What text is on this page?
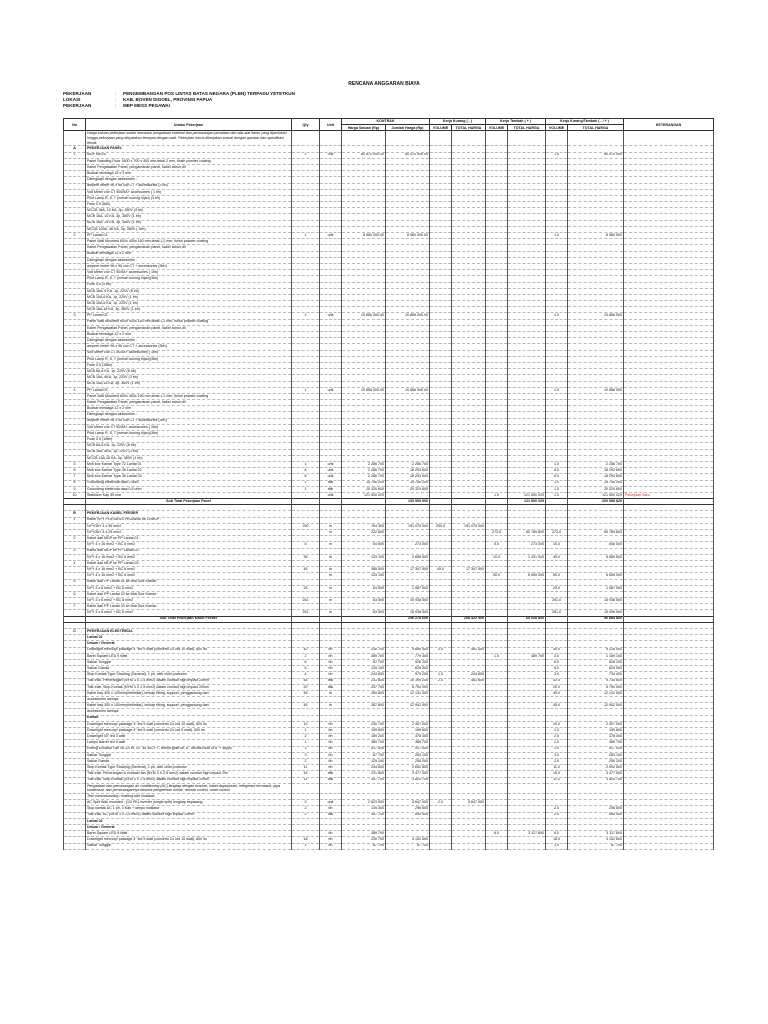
RENCANA ANGGARAN BIAYA
PEKERJAAN	:	PENGEMBANGAN POS LINTAS BATAS NEGARA (PLBN) TERPADU YETETKUN
LOKASI	:	KAB. BOVEN DIGOEL, PROVINSI PAPUA
PEKERJAAN	:	MEP MESS PEGAWAI
No	Uraian Pekerjaan	Qty	Unit	KONTRAK		Kerja Kurang ( - )		Kerja Tambah ( + )		Kerja Kurang/Tambah ( - / + )		KETERANGAN
				Harga Satuan (Rp)	Jumlah Harga (Rp)	VOLUME	TOTAL HARGA	VOLUME	TOTAL HARGA	VOLUME	TOTAL HARGA	

	Harga satuan pekerjaan sudah termasuk pengadaan material dan pemasangan peralatan dan alat-alat bantu yang diperlukan hingga pekerjaan yang dinyatakan tersepai dengan baik. Pekerjaan harus dikerjakan sesuai dengan gambar dan spesifikasi teknik.											
A	PEKERJAAN PANEL											
1	MDP MESS	1	unit	60 570 000.00	60 570 000.00					1.0	60 570 000	
	Panel Standing Floor 1800 x 700 x 400 mm,tebal 2 mm, finish powder coating											
	Kabel Pengawatan Panel, pengamanan panel, kabel schun,dll											
	Busbar tembaga 15 x 3 mm											
	Dilengkapi dengan aksesories :											
	ampere meter 96 x 96 c/w CT + accessories (3 bh)											
	Volt Meter c/w CT 400/5A+ accessories ( 1 bh)											
	Pilot Lamp R, S, T (merah kuning hijau) (3 bh)											
	Fuse 0.5 (6bh)											
	MCCB 3kA, 10 KA, 3p, 380V (3 bh)											
	MCB 16A, 10 KA, 3p, 380V (1 bh)											
	MCB 16A, 25 KA, 3p, 380V (1 bh)											
	MCCB 100A, 36 KA, 3p, 380V ( 1bh)											
2	PP Lantai 01	1	unit	8 560 000.00	8 560 000.00					1.0	8 560 000	
	Panel Wall Mounted 600x 400x 150 mm,tebal 1,2 mm, finish powder coating											
	Kabel Pengawatan Panel, pengamanan panel, kabel schun,dll											
	Busbar tembaga 12 x 2 mm											
	Dilengkapi dengan aksesories :											
	ampere meter 96 x 96 c/w CT + accessories (3bh)											
	Volt Meter c/w CT 50/5A+ accessories ( 1bh)											
	Pilot Lamp R, S, T (merah kuning hijau)(3bh)											
	Fuse 0.5 (3 bh)											
	MCB 16A, 6 KA, 1p, 220V (8 bh)											
	MCB 10A,6 KA, 1p, 220V (1 bh)											
	MCB 16A,6 KA, 1p, 220V (1 bh)											
	MCB 16A,18 KA, 3p, 380V (1 bh)											
3	PP Lantai 02	1	unit	10 866 000.00	10 866 000.00					1.0	10 866 000	
	Panel Wall Mounted 600x 400x 150 mm,tebal 1,2 mm, finish powder coating											
	Kabel Pengawatan Panel, pengamanan panel, kabel schun,dll											
	Busbar tembaga 12 x 2 mm											
	Dilengkapi dengan aksesories :											
	ampere meter 96 x 96 c/w CT + accessories (3bh)											
	Volt Meter c/w CT 50/5A+ accessories ( 1bh)											
	Pilot Lamp R, S, T (merah kuning hijau)(3bh)											
	Fuse 0.5 (15bh)											
	MCB 6A,6 KA, 1p, 220V (8 bh)											
	MCB 16A, 6KA, 1p, 220V (3 bh)											
	MCB 16A,18 KA, 3p, 380V (1 bh)											
4	PP Lantai 03	1	unit	10 866 000.00	10 866 000.00					1.0	10 866 000	
	Panel Wall Mounted 600x 400x 150 mm,tebal 1,2 mm, finish powder coating											
	Kabel Pengawatan Panel, pengamanan panel, kabel schun,dll											
	Busbar tembaga 12 x 2 mm											
	Dilengkapi dengan aksesories :											
	ampere meter 96 x 96 c/w CT + accessories (3bh)											
	Volt Meter c/w CT 50/5A+ accessories ( 1bh)											
	Pilot Lamp R, S, T (merah kuning hijau)(3bh)											
	Fuse 0.5 (15bh)											
	MCB 6A,6 KA, 1p, 220V (8 bh)											
	MCB 16A, 6KA, 1p, 220V (3 bh)											
	MCCB 16A,18 KA, 3p, 380V (1 bh)											
5	Mcb box Kamar Type 72 Lantai 01	1	unit	2 286 700	2 286 700	-	-			1.0	2 286 700	
6	Mcb box Kamar Type 36 Lantai 02	8	unit	2 286 700	18 293 600	-	-			8.0	18 293 600	
7	Mcb box Kamar Type 36 Lantai 03	8	unit	2 286 700	18 293 600	-	-			8.0	18 293 600	
8	Grounding elektroda rasa 2 ohm	1	titik	15 706 200	15 706 200	-	-			1.0	15 706 200	
9	Grounding elektroda rasa 0.5 ohm	1	titik	20 320 600	20 320 600	-	-			1.0	20 320 600	
10	Stabilizer Kap 50 kva	-	unit	121 500 029	-	-	-	1.0	121 500 029	1.0	121 500 029	Pekerjaan Baru
	Sub Total Pekerjaan Panel				130 900 900				121 500 029		260 988 829	

B	PEKERJAAN KABEL FEEDER											
1	Kabel NYY PLN MESS PEGAWAI ke LVMDP :											
	NYYGbY 4 x 95 mm2	250	m	764 300	191 075 000	250.0	191 075 000				-	
	NYYGbY 4 x 25 mm2		m	222 600	-			273.0	60 769 800	273.0	60 769 800	
2	Kabel dari MDP ke PP Lantai 01 :											
	NYY 4 x 16 mm2 + BC 6 mm2	5	m	54 600	273 000			5.0	273 000	10.0	546 000	
3	Kabel dari MDP ke PP Lantai 02 :											
	NYY 4 x 16 mm2 + BC 6 mm2	35	m	133 100	4 658 500			10.0	1 331 000	45.0	5 989 500	
4	Kabel dari MDP ke PP Lantai 03 :											
	NYY 4 x 16 mm2 + BC 6 mm2	45	m	385 500	17 347 500	45.0	17 347 500				-	
	NYY 4 x 16 mm2 + BC 6 mm2		m	133 100	-			50.0	6 655 000	50.0	6 655 000	
5	Kabel dari PP Lantai 01 ke Mcb Box Kamar :											
	NYY 3 x 6 mm2 + BC 6 mm2	25	m	63 500	1 587 500					25.0	1 587 500	
6	Kabel dari PP Lantai 02 ke Mcb Box Kamar :											
	NYY 3 x 6 mm2 + BC 6 mm2	251	m	63 500	15 938 500					251.0	15 938 500	
7	Kabel dari PP Lantai 03 ke Mcb Box Kamar :											
	NYY 3 x 6 mm2 + BC 6 mm2	251	m	63 500	15 938 500					251.0	15 938 500	
	Sub Total Pekerjaan Kabel Feeder				246 278 600		208 422 500		69 028 800		96 884 800	

C	PEKERJAAN ELEKTRIKAL											
	Lantai 01											
	Umum / General											
	Downlight mercury/ package 4" led 9 watt (converto DL led 10 watt), 800 lm	42	bh	230 700	9 689 400	2.0	461 400			40.0	9 228 000	
	Baret Square LED 9 Watt	2	bh	389 700	779 400			1.0	389 700	3.0	1 169 100	
	Saklar Tunggal	6	bh	87 700	526 200					6.0	526 200	
	Saklar Ganda	5	bh	125 100	625 500					5.0	625 500	
	Stop Kontak Type Strading (General), 1 ph, with child protector	4	bh	244 800	979 200	1.0	244 800			3.0	734 400	
	Titik Instl. Penerangan (NYM 3 X 2,5 mm2) dalam conduit high impact 20mm	44	titik	231 800	10 199 200	2.0	463 600			42.0	9 735 600	
	Titik Instl. Stop Kontak (NYM 3 X 2,5 mm2) dalam conduit high impact 20mm	20	titik	337 700	6 754 000					20.0	6 754 000	
	Kabel tray 300 x 100mm(elektrikal), lenkap fitting, support, penggantung dan	45	m	269 800	12 141 000					45.0	12 141 000	
	accessories lainnya											
	Kabel tray 300 x 100mm(elektrikal), lenkap fitting, support, penggantung dan	45	m	287 600	12 942 000					45.0	12 942 000	
	accessories lainnya											
	Kamar											
	Downlight mercury/ package 4" led 9 watt (converto DL led 10 watt), 800 lm	10	bh	230 700	2 307 000					10.0	2 307 000	
	Downlight mercury/ package 4" led 5 watt (converto DL led 5 watt), 600 lm	1	bh	199 600	199 600					1.0	199 600	
	Downlight 03" led 3 watt	2	bh	189 200	378 400					2.0	378 400	
	Lampu Barret led 9 watt	1	bh	389 700	389 700					1.0	389 700	
	Exiting Exhaust Fan SE-DTW, 12" 3d 30CFT , berikit grille uk, 6", flexibel duct Ø 6" + suppc	1	bh	917 000	917 000					1.0	917 000	
	Saklar Tunggal	3	bh	87 700	263 100					3.0	263 100	
	Saklar Ganda	2	bh	125 100	250 200					2.0	250 200	
	Stop Kontak Type Strading (General), 1 ph, with child protector	11	bh	244 800	2 692 800					11.0	2 692 800	
	Titik Instl. Penerangan & exhaust fan (NYM 3 X 2,5 mm2) dalam conduit high impact 20n	15	titik	231 800	3 477 000					15.0	3 477 000	
	Titik Instl. Stop Kontak (NYM 3 X 2,5 mm2) dalam conduit high impact 20mm	11	titik	347 700	3 824 700					11.0	3 824 700	
	Pengadaan dan pemasangan air conditioning (AC) lengkap dengan bracket, kabel daya/power, refrigerant termasuk, pipa kondensat, dan pembuangannya beserta pengetesan online, remote control, cabel control											
	Test commissioning / training dan instalasi:											
	AC Split Wall mounted , (1/2 PK) inverter (single split) lengkap bepasang	2	unit	2 823 500	5 647 000	2.0	5 647 000				-	
	Stop kontak AC 1 ph, 3 Kab + lampu indikator	2	bh	149 300	298 600					2.0	298 600	
	Titik Instl. AC (NYM 3 X 2,5 mm2) dalam conduit high impact 20mm	2	titik	347 700	695 400					2.0	695 400	
	Lantai 02											
	Umum / General											
	Baret Square LED 9 Watt		bh	389 700	-			8.0	3 117 600	8.0	3 117 600	
	Downlight mercury/ package 4" led 9 watt (converto DL led 10 watt), 800 lm	18	bh	230 700	4 152 600					18.0	4 152 600	
	Saklar Tunggal	1	bh	87 700	87 700					1.0	87 700	
